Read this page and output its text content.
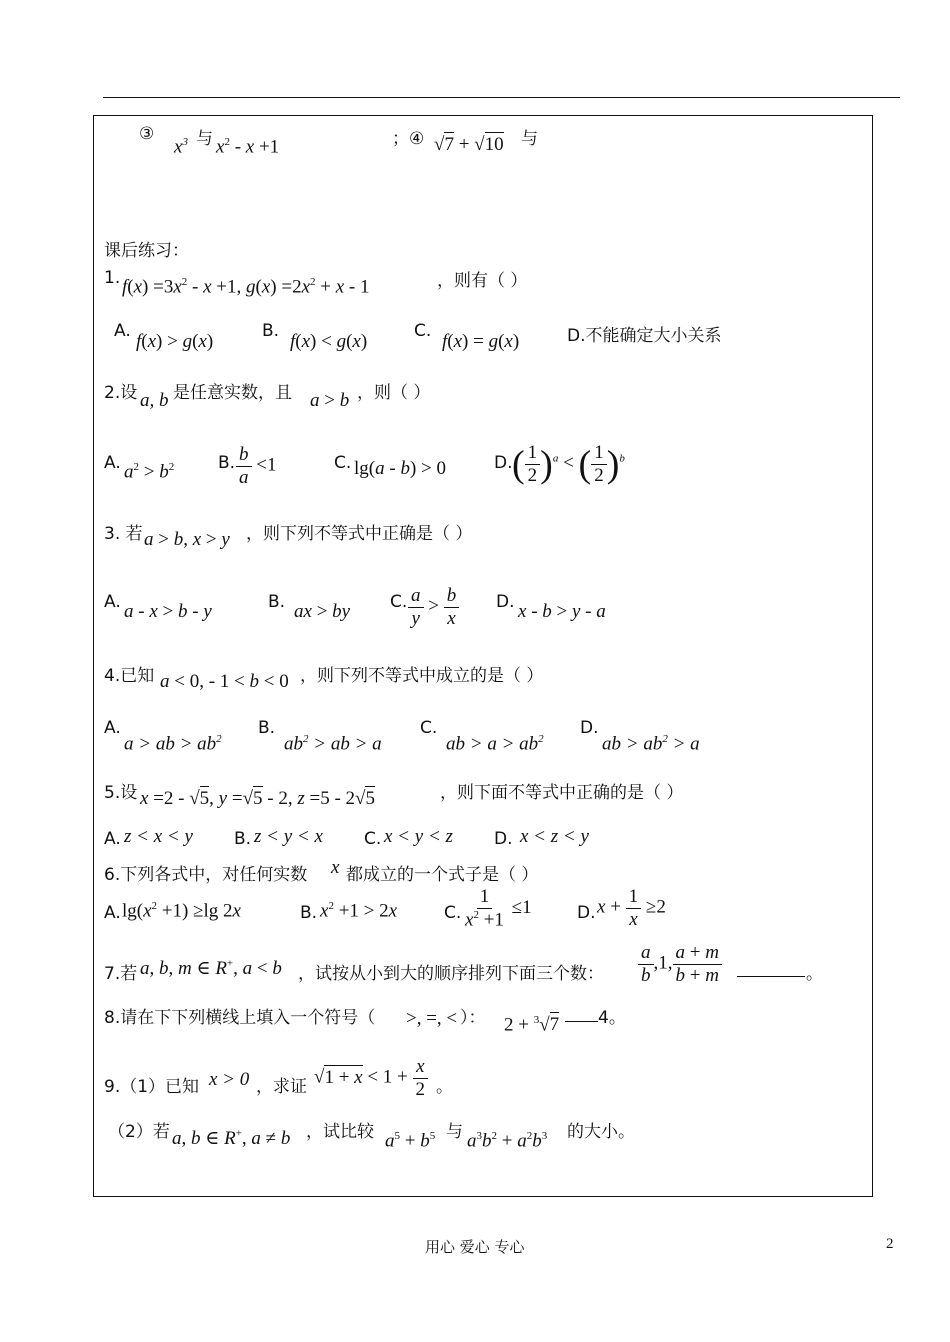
③
$x^3$ 与 $x^2 - x +1$	；④ √7 + √10 与
课后练习：
1. $f(x) =3x^2 - x +1$, $g(x) =2x^2 + x - 1$	，则有（ ）
A. f(x) > g(x)	B. f(x) < g(x)	C. f(x) = g(x)	D.不能确定大小关系
2.设 a, b 是任意实数，且 a > b ，则（ ）
A. $a^2 > b^2$	B. $\frac{b}{a} <1$	C. lg(a - b) > 0	D. ( $\frac{1}{2} )^a$ < ( $\frac{1}{2} )^b$
3. 若 a > b, x > y ，则下列不等式中正确是（ ）
A. a - x > b - y	B. ax > by C. $\frac{a}{y} > \frac{b}{x} D$. x - b > y - a
4.已知 a < 0, - 1 < b < 0 ，则下列不等式中成立的是（ ）
A.
a > ab > $ab^2$
B.
$ab^2$ > ab > a
C.
ab > $a > ab^2$
D.
ab > $ab^2 > a$
5.设 x =2 - √5, y =√5 - 2, z =5 - 2√5	，则下面不等式中正确的是（ ）
A. z < x < y B. z < y < x C. x < y < z D. x < z < y
6.下列各式中，对任何实数 x 都成立的一个式子是（ ）
A. $\lg(x^2 +1) \ge\lg$ 2x	B. $x^2 +1 > 2x$	C. $\frac{1}{x^2 +1} \le 1$	D. $x + \frac{1}{x} \ge 2$
7.若 a, b, m ∈ R+, a < b ，试按从小到大的顺序排列下面三个数： $\frac{a}{b} ,1$, $\frac{a + m}{b + m}$	。
8.请在下下列横线上填入一个符号（ >, =, < ）： 2 + $^3$√7 4。
9.（1）已知 x > 0 ，求证 $√1 + x < 1 + \frac{x}{2}$ 。
（2）若 a, b ∈ R+, a ≠ b ，试比较 $a^5 + b^5$ 与 $a^3b^2 + a^2b^3$ 的大小。
用心 爱心 专心	2
